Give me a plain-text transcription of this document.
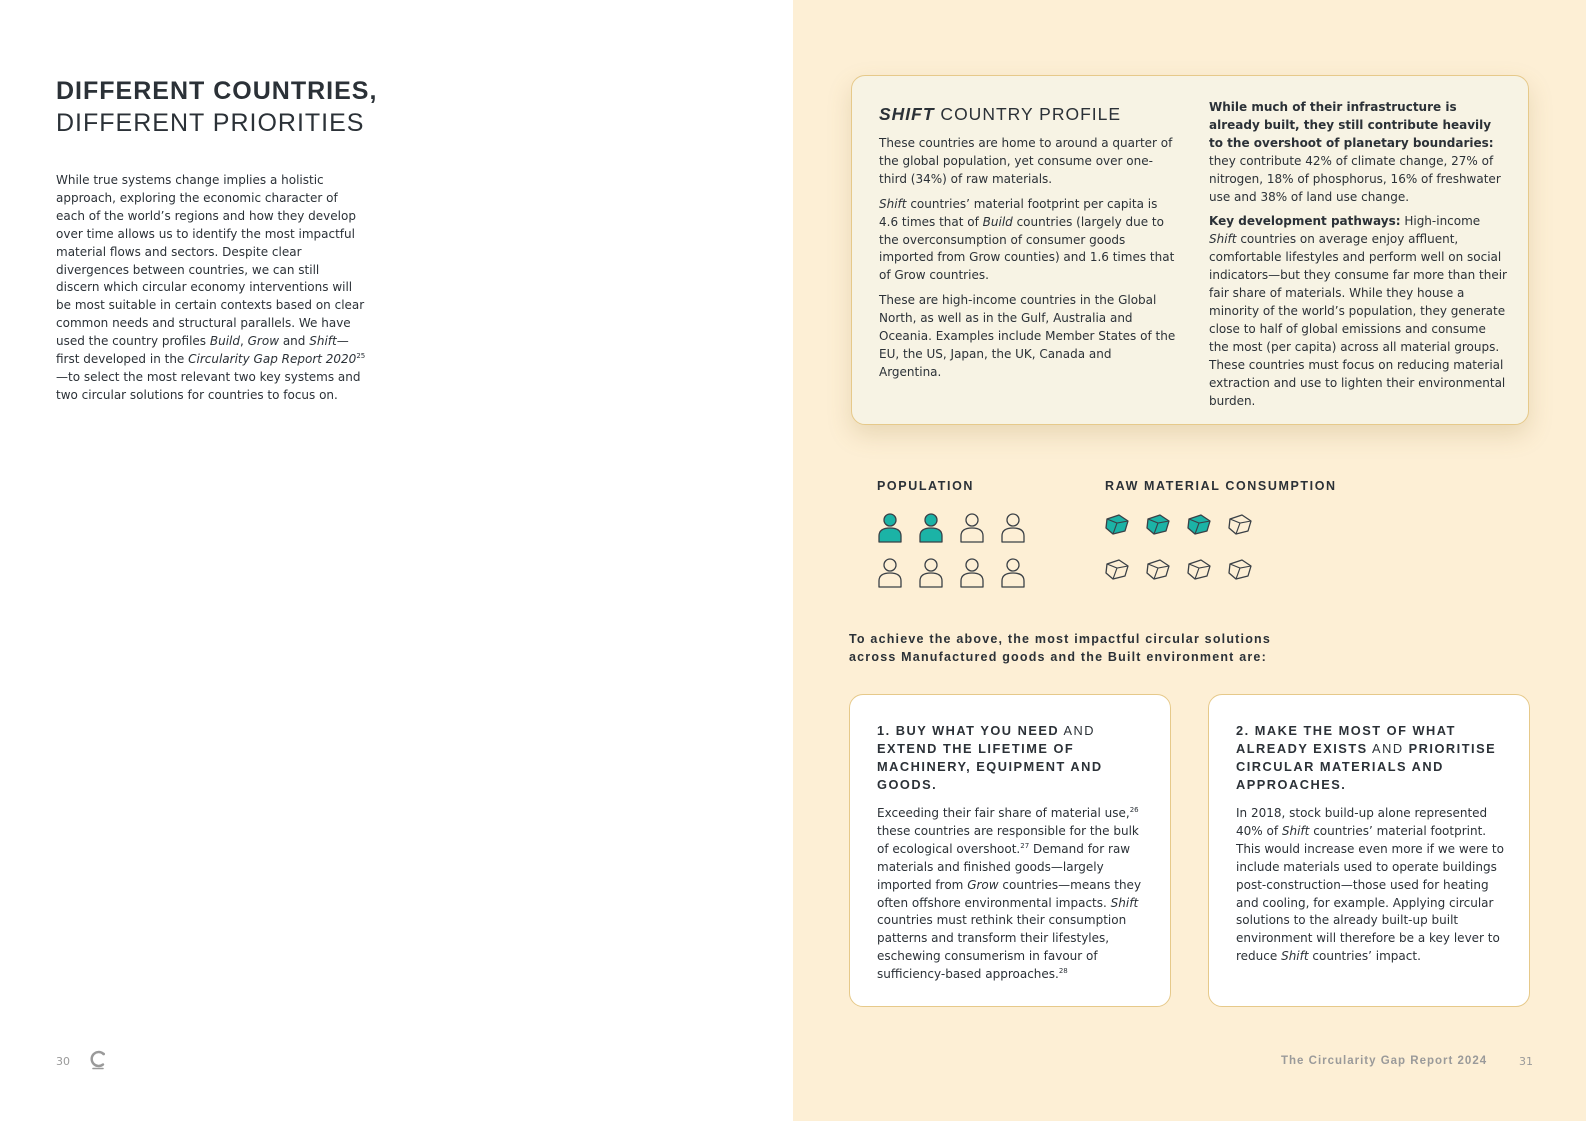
DIFFERENT COUNTRIES,
DIFFERENT PRIORITIES

While true systems change implies a holistic approach, exploring the economic character of each of the world’s regions and how they develop over time allows us to identify the most impactful material flows and sectors. Despite clear divergences between countries, we can still discern which circular economy interventions will be most suitable in certain contexts based on clear common needs and structural parallels. We have used the country profiles Build, Grow and Shift—first developed in the Circularity Gap Report 2020$^{25}$—to select the most relevant two key systems and two circular solutions for countries to focus on.

30
SHIFT COUNTRY PROFILE

These countries are home to around a quarter of the global population, yet consume over one-third (34%) of raw materials.

Shift countries’ material footprint per capita is 4.6 times that of Build countries (largely due to the overconsumption of consumer goods imported from Grow counties) and 1.6 times that of Grow countries.

These are high-income countries in the Global North, as well as in the Gulf, Australia and Oceania. Examples include Member States of the EU, the US, Japan, the UK, Canada and Argentina.

While much of their infrastructure is already built, they still contribute heavily to the overshoot of planetary boundaries: they contribute 42% of climate change, 27% of nitrogen, 18% of phosphorus, 16% of freshwater use and 38% of land use change.

Key development pathways: High-income Shift countries on average enjoy affluent, comfortable lifestyles and perform well on social indicators—but they consume far more than their fair share of materials. While they house a minority of the world’s population, they generate close to half of global emissions and consume the most (per capita) across all material groups. These countries must focus on reducing material extraction and use to lighten their environmental burden.

POPULATION	RAW MATERIAL CONSUMPTION
To achieve the above, the most impactful circular solutions across Manufactured goods and the Built environment are:
1. BUY WHAT YOU NEED AND EXTEND THE LIFETIME OF MACHINERY, EQUIPMENT AND GOODS.

Exceeding their fair share of material use,$^{26}$ these countries are responsible for the bulk of ecological overshoot.$^{27}$ Demand for raw materials and finished goods—largely imported from Grow countries—means they often offshore environmental impacts. Shift countries must rethink their consumption patterns and transform their lifestyles, eschewing consumerism in favour of sufficiency-based approaches.$^{28}$

2. MAKE THE MOST OF WHAT ALREADY EXISTS AND PRIORITISE CIRCULAR MATERIALS AND APPROACHES.

In 2018, stock build-up alone represented 40% of Shift countries’ material footprint. This would increase even more if we were to include materials used to operate buildings post-construction—those used for heating and cooling, for example. Applying circular solutions to the already built-up built environment will therefore be a key lever to reduce Shift countries’ impact.

The Circularity Gap Report 2024	31
